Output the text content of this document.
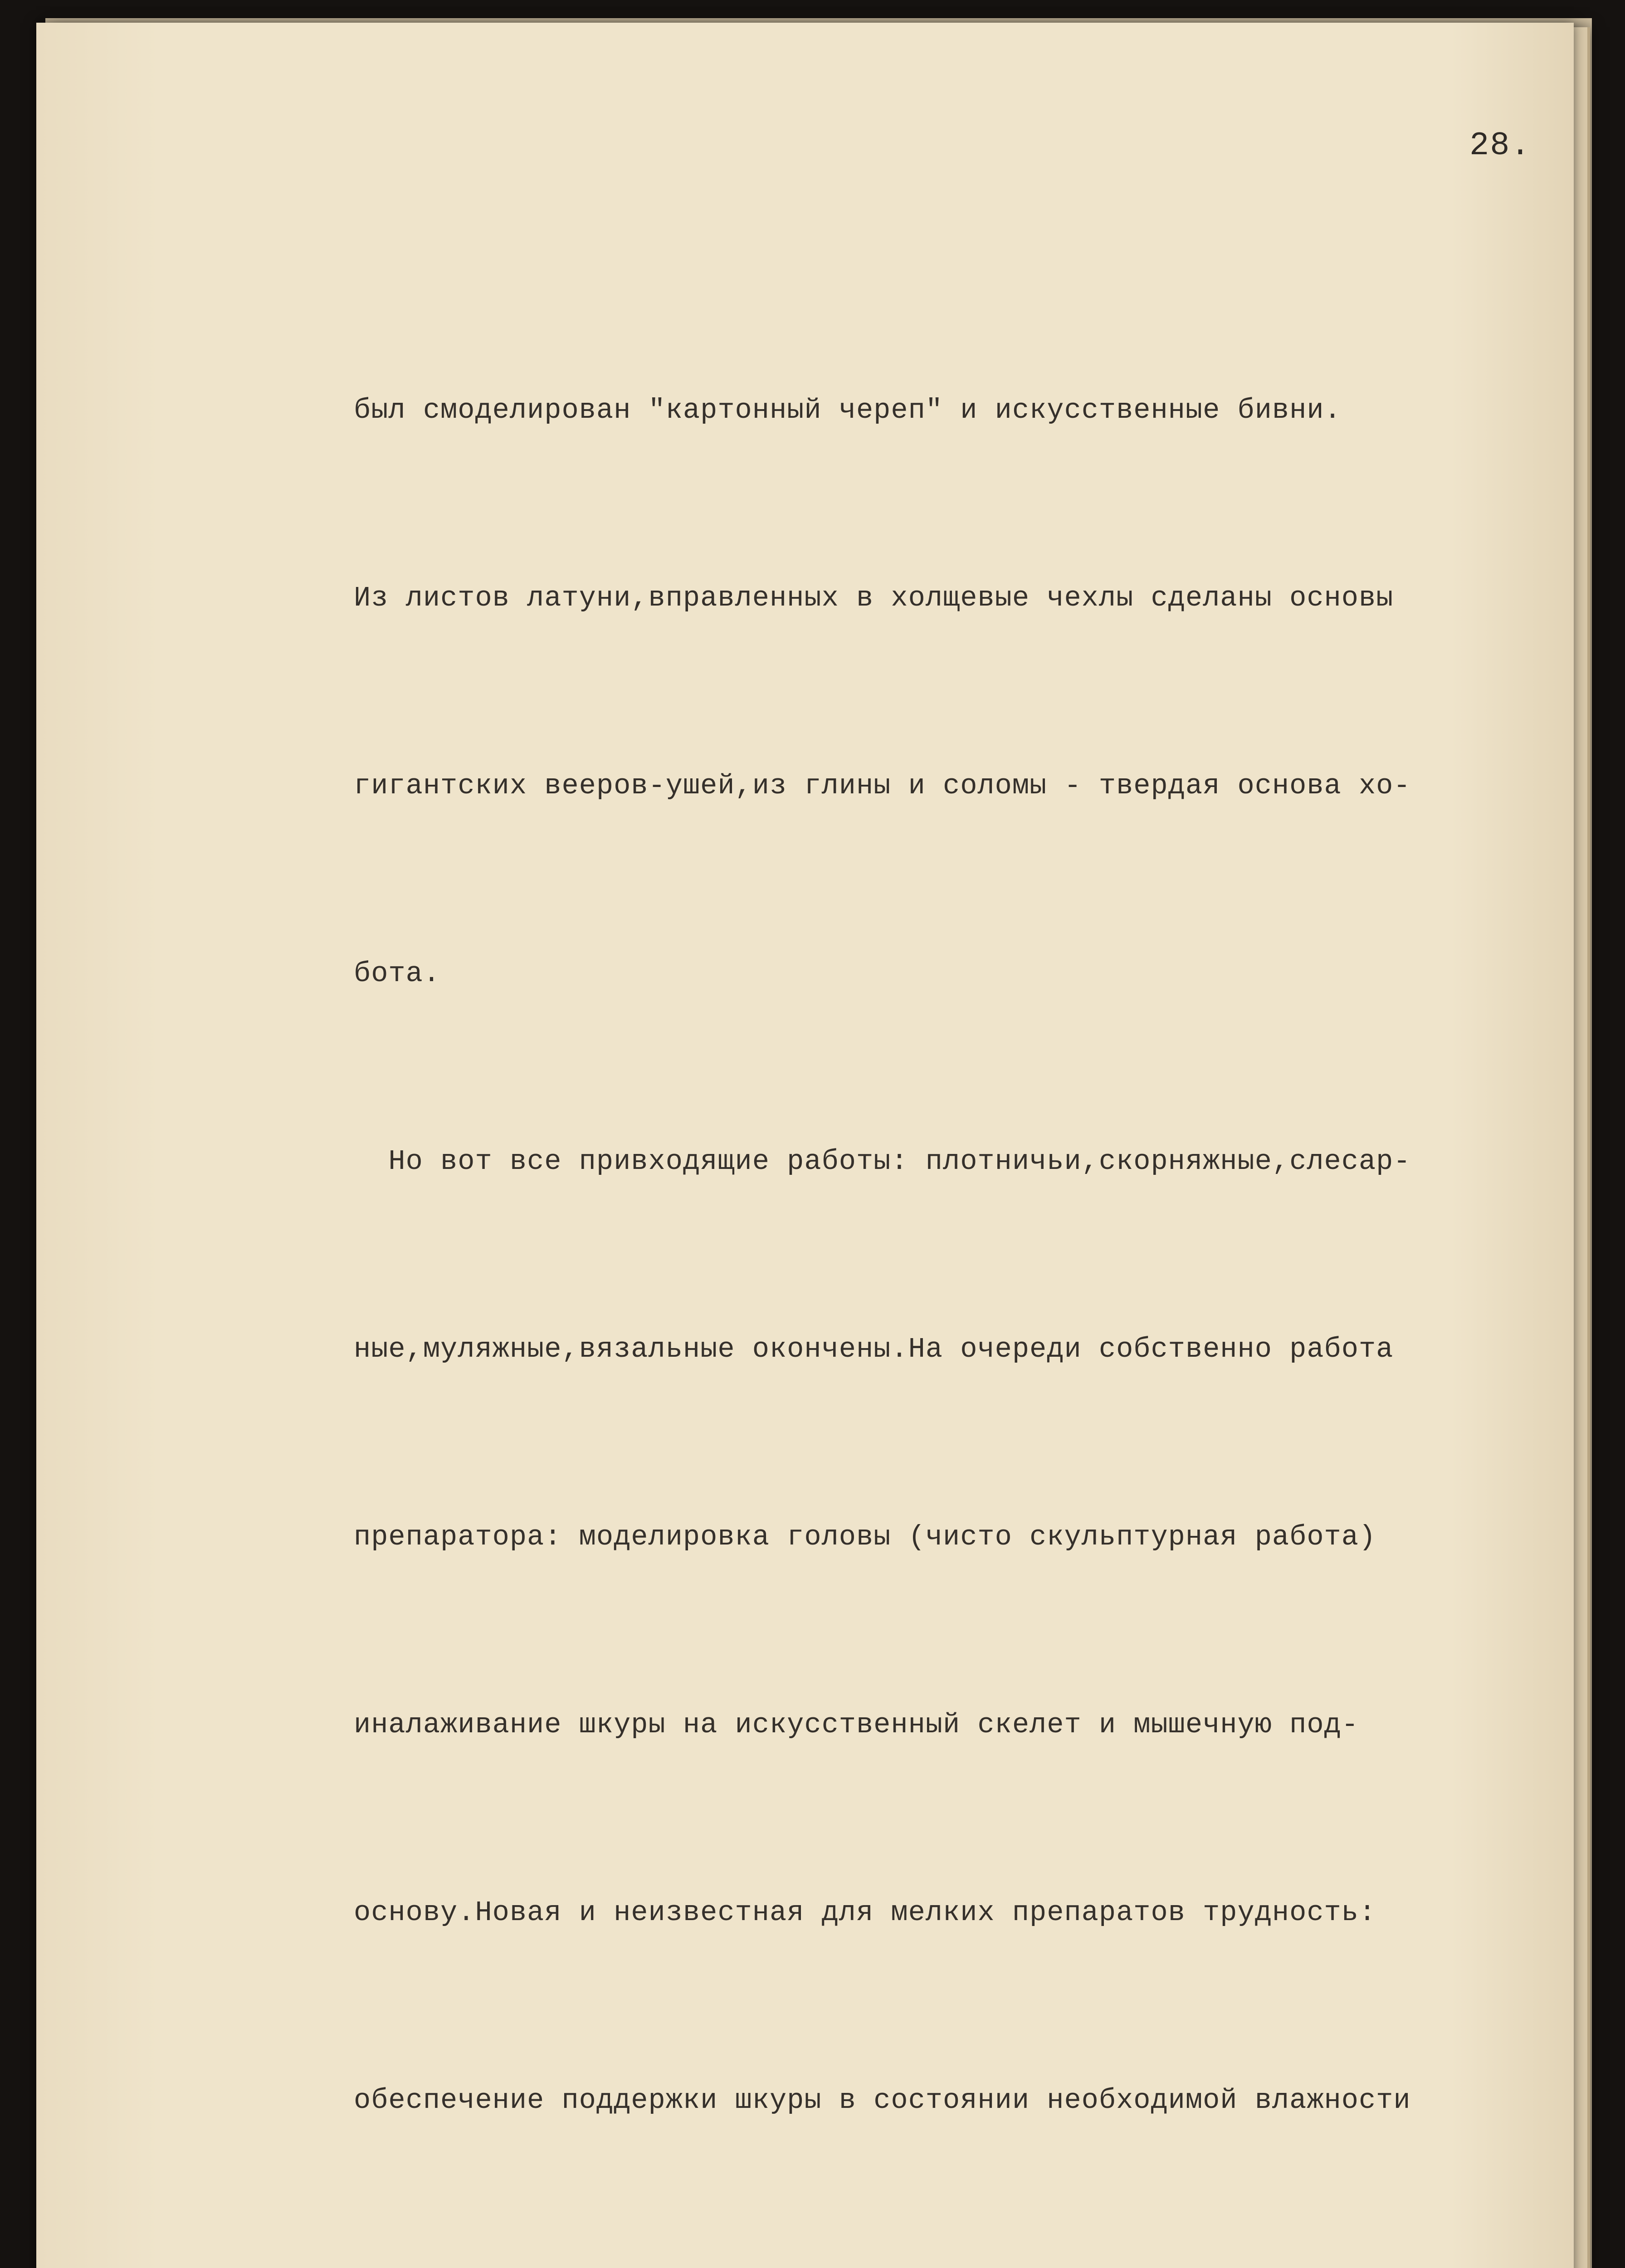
28.

был смоделирован "картонный череп" и искусственные бивни.

Из листов латуни,вправленных в холщевые чехлы сделаны основы

гигантских вееров-ушей,из глины и соломы - твердая основа хо-

бота.

Но вот все привходящие работы: плотничьи,скорняжные,слесар-

ные,муляжные,вязальные окончены.На очереди собственно работа

препаратора: моделировка головы (чисто скульптурная работа)

иналаживание шкуры на искусственный скелет и мышечную под-

оснoву.Новая и неизвестная для мелких препаратов трудность:

обеспечение поддержки шкуры в состоянии необходимой влажности
